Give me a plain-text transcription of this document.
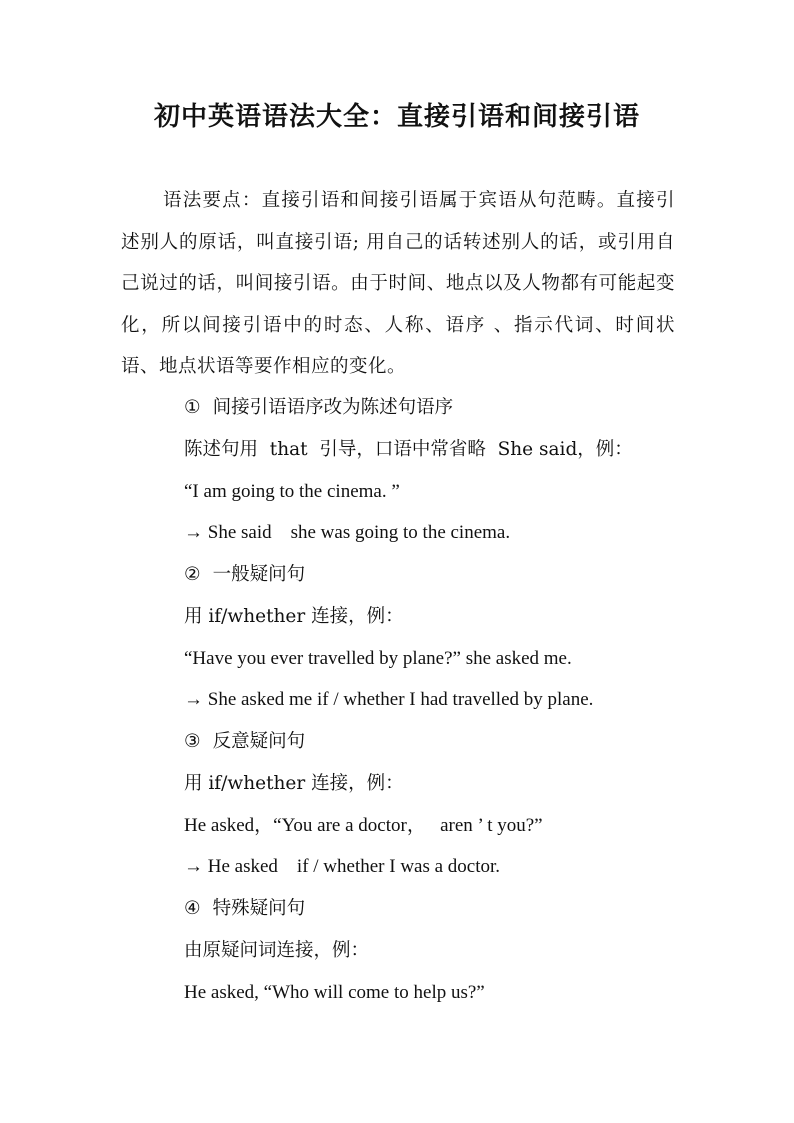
初中英语语法大全：直接引语和间接引语

语法要点：直接引语和间接引语属于宾语从句范畴。直接引述别人的原话，叫直接引语; 用自己的话转述别人的话，或引用自己说过的话，叫间接引语。由于时间、地点以及人物都有可能起变化，所以间接引语中的时态、人称、语序 、指示代词、时间状语、地点状语等要作相应的变化。

① 间接引语语序改为陈述句语序
陈述句用  that  引导，口语中常省略  She said，例：
“I am going to the cinema. ”
→ She said    she was going to the cinema.
② 一般疑问句
用 if/whether 连接，例：
“Have you ever travelled by plane?” she asked me.
→ She asked me if / whether I had travelled by plane.
③ 反意疑问句
用 if/whether 连接，例：
He asked，“You are a doctor，   aren ’ t you?”
→ He asked    if / whether I was a doctor.
④ 特殊疑问句
由原疑问词连接，例：
He asked, “Who will come to help us?”
